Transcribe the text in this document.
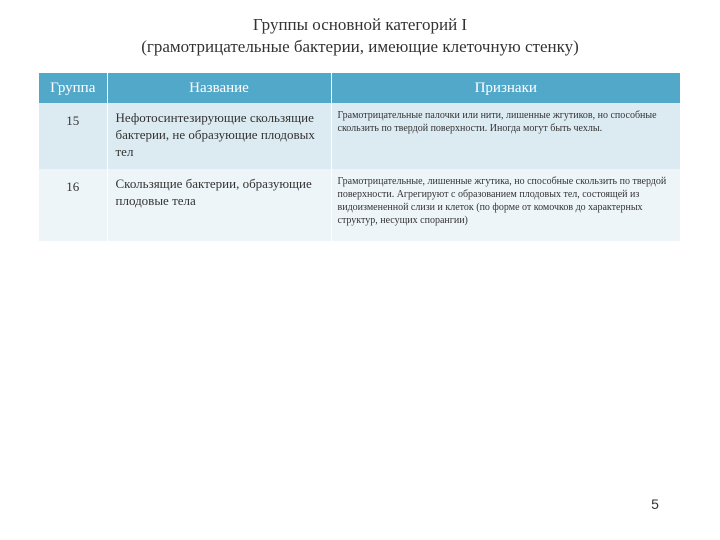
Группы основной категорий I
(грамотрицательные бактерии, имеющие клеточную стенку)
Группа	Название	Признаки
15	Нефотосинтезирующие скользящие бактерии, не образующие плодовых тел	Грамотрицательные палочки или нити, лишенные жгутиков, но способные скользить по твердой поверхности. Иногда могут быть чехлы.
16	Скользящие бактерии, образующие плодовые тела	Грамотрицательные, лишенные жгутика, но способные скользить по твердой поверхности. Агрегируют с образованием плодовых тел, состоящей из видоизмененной слизи и клеток (по форме от комочков до характерных структур, несущих спорангии)
5
